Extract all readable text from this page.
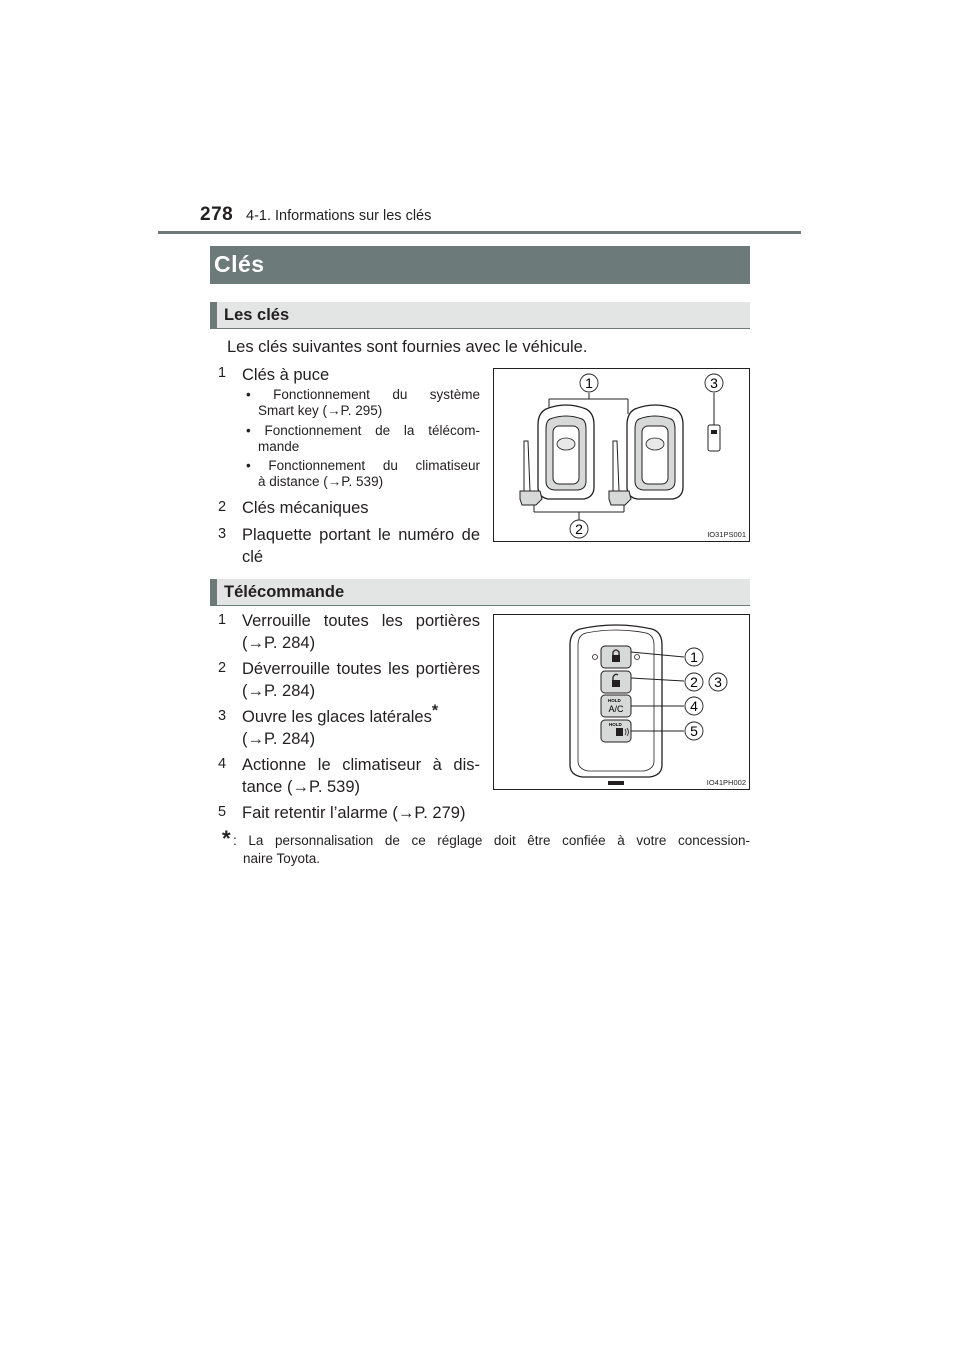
278 4-1. Informations sur les clés
Clés
Les clés
Les clés suivantes sont fournies avec le véhicule.
1 Clés à puce
• Fonctionnement du système
Smart key (→P. 295)
• Fonctionnement de la télécom-
mande
• Fonctionnement du climatiseur
à distance (→P. 539)
2 Clés mécaniques
3 Plaquette portant le numéro de
clé
1	3
2	IO31PS001
Télécommande
1 Verrouille toutes les portières
(→P. 284)
2 Déverrouille toutes les portières
(→P. 284)
3 Ouvre les glaces latérales*
(→P. 284)
4 Actionne le climatiseur à dis-
tance (→P. 539)
5 Fait retentir l’alarme (→P. 279)
HOLD
A/C
HOLD
1
2 3
4
5
IO41PH002
* : La personnalisation de ce réglage doit être confiée à votre concession-
naire Toyota.
